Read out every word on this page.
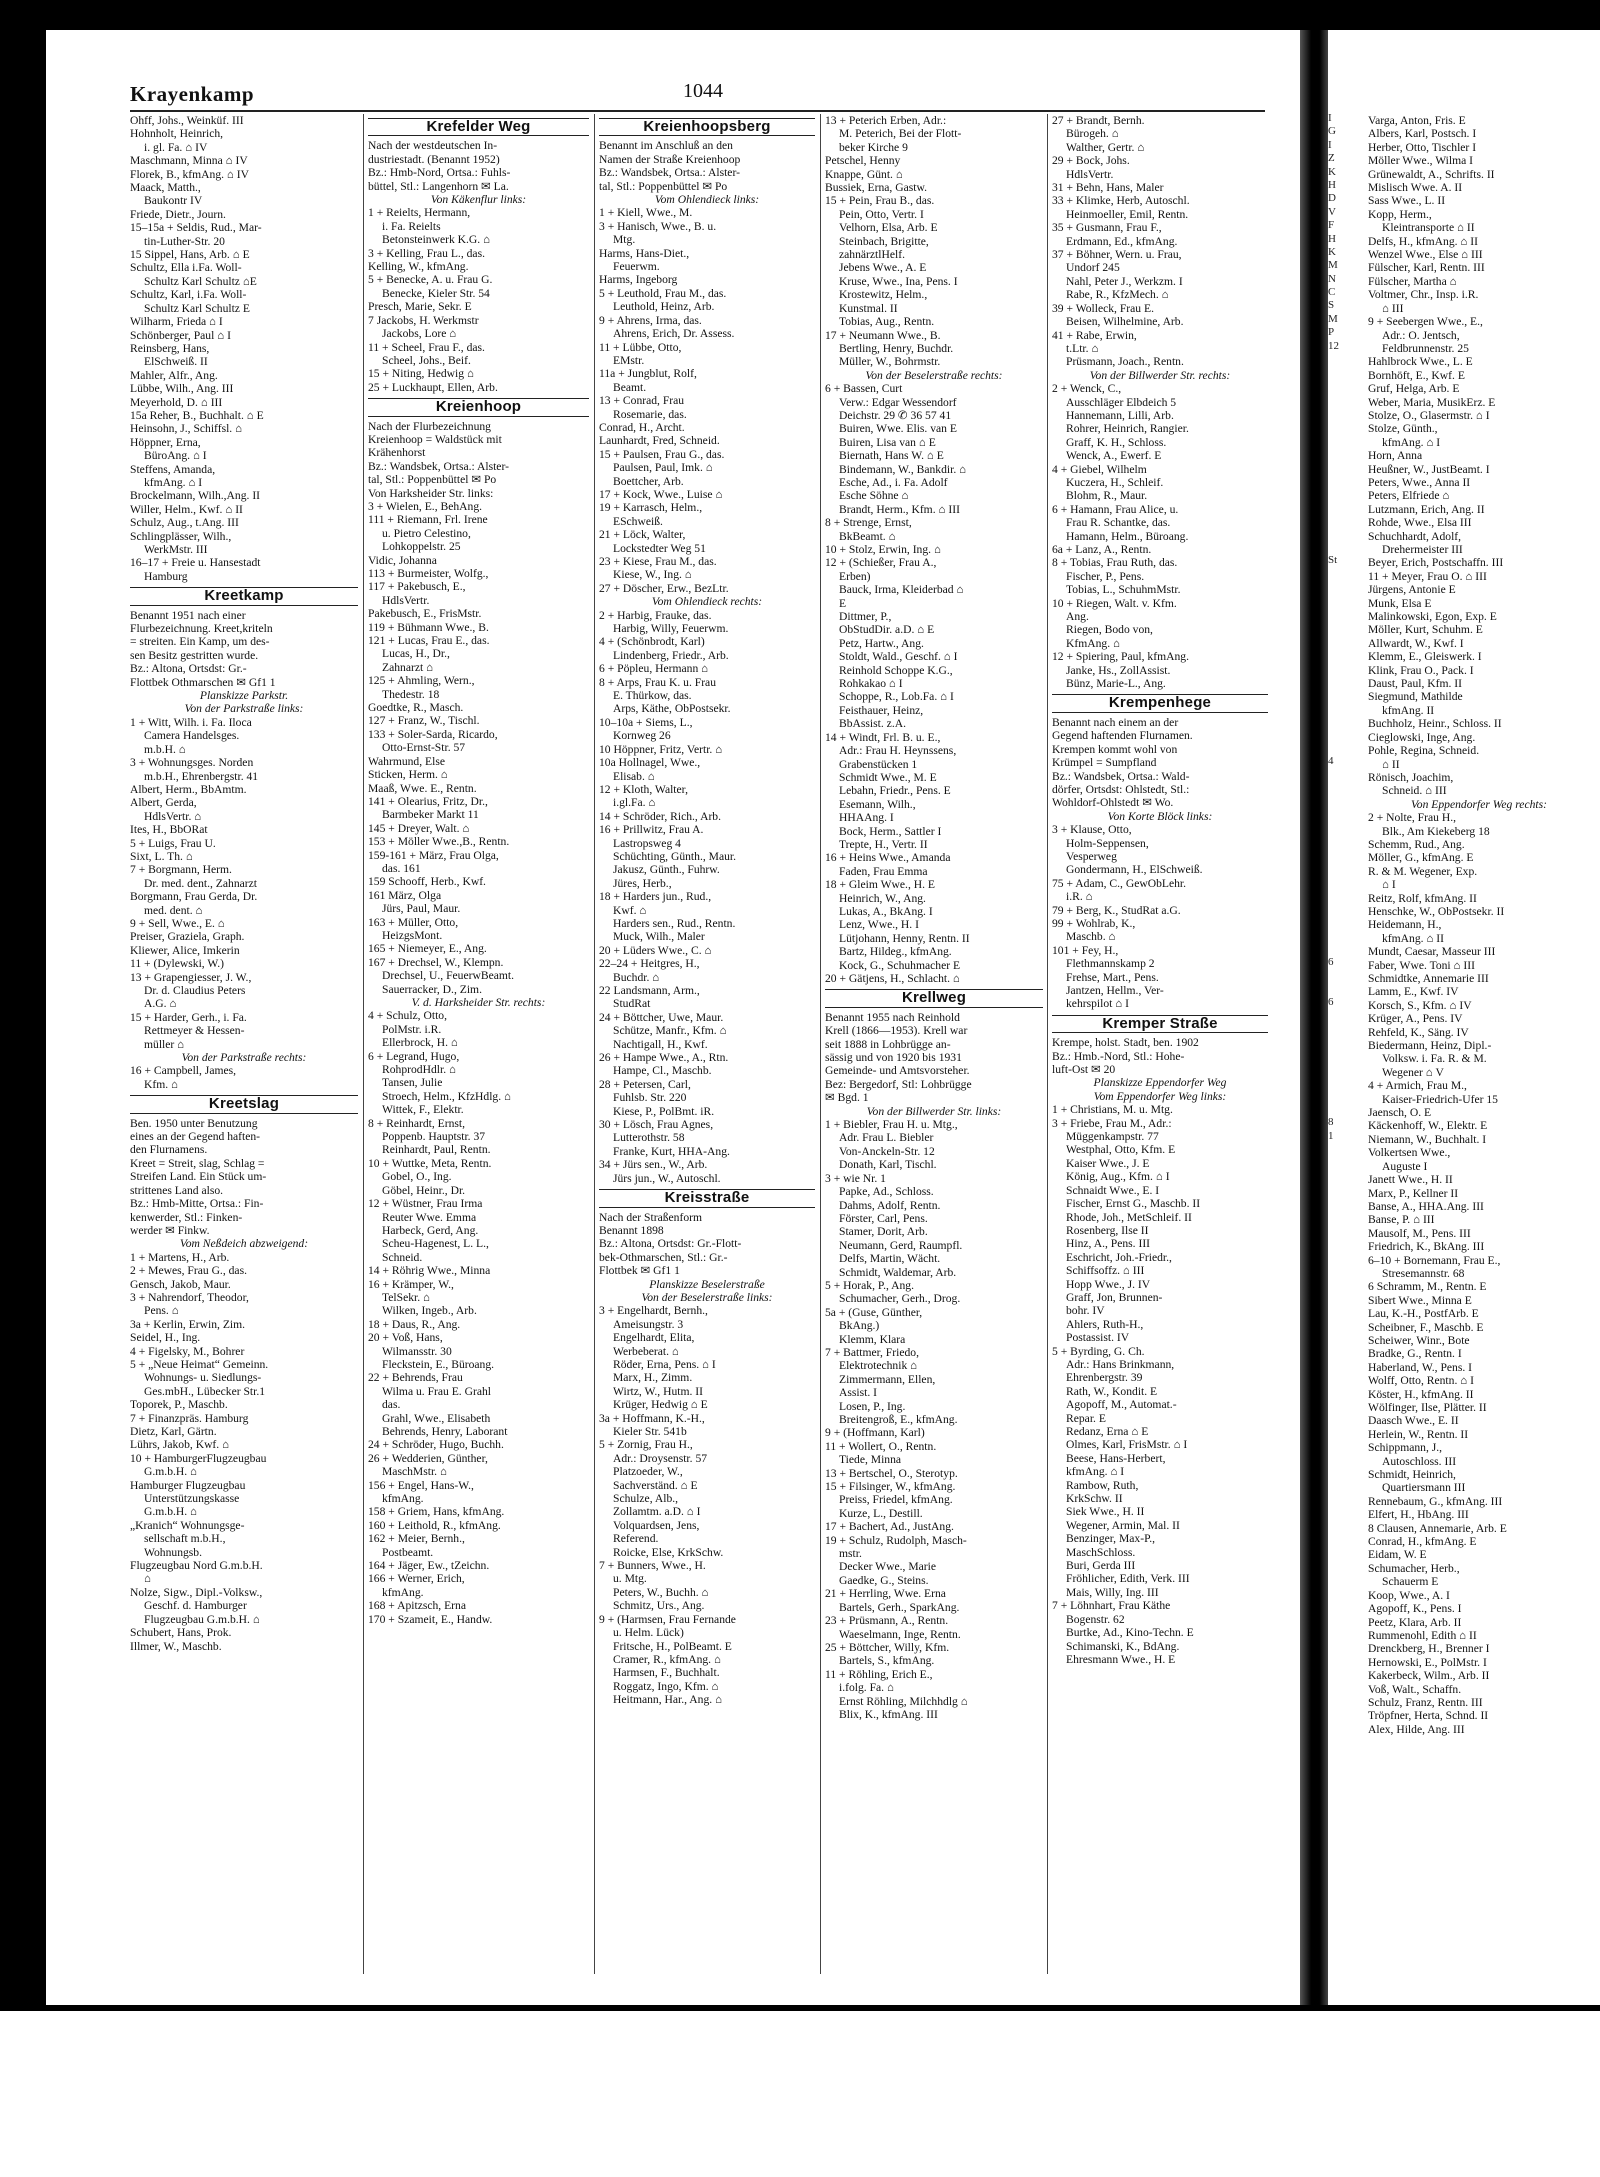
I
G
I
Z
K
H
D
V
F
H
K
M
N
C
S
M
P
12
St
4
6
6
8
1
Krayenkamp	1044
Ohff, Johs., Weinküf. III
Hohnholt, Heinrich,
i. gl. Fa. ⌂ IV
Maschmann, Minna ⌂ IV
Florek, B., kfmAng. ⌂ IV
Maack, Matth.,
Baukontr IV
Friede, Dietr., Journ.
15–15a + Seldis, Rud., Mar-
tin-Luther-Str. 20
15 Sippel, Hans, Arb. ⌂ E
Schultz, Ella i.Fa. Woll-
Schultz Karl Schultz ⌂E
Schultz, Karl, i.Fa. Woll-
Schultz Karl Schultz E
Wilharm, Frieda ⌂ I
Schönberger, Paul ⌂ I
Reinsberg, Hans,
ElSchweiß. II
Mahler, Alfr., Ang.
Lübbe, Wilh., Ang. III
Meyerhold, D. ⌂ III
15a Reher, B., Buchhalt. ⌂ E
Heinsohn, J., Schiffsl. ⌂
Höppner, Erna,
BüroAng. ⌂ I
Steffens, Amanda,
kfmAng. ⌂ I
Brockelmann, Wilh.,Ang. II
Willer, Helm., Kwf. ⌂ II
Schulz, Aug., t.Ang. III
Schlingplässer, Wilh.,
WerkMstr. III
16–17 + Freie u. Hansestadt
Hamburg
Kreetkamp
Benannt 1951 nach einer
Flurbezeichnung. Kreet,kriteln
= streiten. Ein Kamp, um des-
sen Besitz gestritten wurde.
Bz.: Altona, Ortsdst: Gr.-
Flottbek Othmarschen ✉ Gf1 1
Planskizze Parkstr.
Von der Parkstraße links:
1 + Witt, Wilh. i. Fa. Iloca
Camera Handelsges.
m.b.H. ⌂
3 + Wohnungsges. Norden
m.b.H., Ehrenbergstr. 41
Albert, Herm., BbAmtm.
Albert, Gerda,
HdlsVertr. ⌂
Ites, H., BbORat
5 + Luigs, Frau U.
Sixt, L. Th. ⌂
7 + Borgmann, Herm.
Dr. med. dent., Zahnarzt
Borgmann, Frau Gerda, Dr.
med. dent. ⌂
9 + Sell, Wwe., E. ⌂
Preiser, Graziela, Graph.
Kliewer, Alice, Imkerin
11 + (Dylewski, W.)
13 + Grapengiesser, J. W.,
Dr. d. Claudius Peters
A.G. ⌂
15 + Harder, Gerh., i. Fa.
Rettmeyer & Hessen-
müller ⌂
Von der Parkstraße rechts:
16 + Campbell, James,
Kfm. ⌂
Kreetslag
Ben. 1950 unter Benutzung
eines an der Gegend haften-
den Flurnamens.
Kreet = Streit, slag, Schlag =
Streifen Land. Ein Stück um-
strittenes Land also.
Bz.: Hmb-Mitte, Ortsa.: Fin-
kenwerder, Stl.: Finken-
werder ✉ Finkw.
Vom Neßdeich abzweigend:
1 + Martens, H., Arb.
2 + Mewes, Frau G., das.
Gensch, Jakob, Maur.
3 + Nahrendorf, Theodor,
Pens. ⌂
3a + Kerlin, Erwin, Zim.
Seidel, H., Ing.
4 + Figelsky, M., Bohrer
5 + „Neue Heimat“ Gemeinn.
Wohnungs- u. Siedlungs-
Ges.mbH., Lübecker Str.1
Toporek, P., Maschb.
7 + Finanzpräs. Hamburg
Dietz, Karl, Gärtn.
Lührs, Jakob, Kwf. ⌂
10 + HamburgerFlugzeugbau
G.m.b.H. ⌂
Hamburger Flugzeugbau
Unterstützungskasse
G.m.b.H. ⌂
„Kranich“ Wohnungsge-
sellschaft m.b.H.,
Wohnungsb.
Flugzeugbau Nord G.m.b.H.
⌂
Nolze, Sigw., Dipl.-Volksw.,
Geschf. d. Hamburger
Flugzeugbau G.m.b.H. ⌂
Schubert, Hans, Prok.
Illmer, W., Maschb.
Krefelder Weg
Nach der westdeutschen In-
dustriestadt. (Benannt 1952)
Bz.: Hmb-Nord, Ortsa.: Fuhls-
büttel, Stl.: Langenhorn ✉ La.
Von Käkenflur links:
1 + Reielts, Hermann,
i. Fa. Reielts
Betonsteinwerk K.G. ⌂
3 + Kelling, Frau L., das.
Kelling, W., kfmAng.
5 + Benecke, A. u. Frau G.
Benecke, Kieler Str. 54
Presch, Marie, Sekr. E
7 Jackobs, H. Werkmstr
Jackobs, Lore ⌂
11 + Scheel, Frau F., das.
Scheel, Johs., Beif.
15 + Niting, Hedwig ⌂
25 + Luckhaupt, Ellen, Arb.
Kreienhoop
Nach der Flurbezeichnung
Kreienhoop = Waldstück mit
Krähenhorst
Bz.: Wandsbek, Ortsa.: Alster-
tal, Stl.: Poppenbüttel ✉ Po
Von Harksheider Str. links:
3 + Wielen, E., BehAng.
111 + Riemann, Frl. Irene
u. Pietro Celestino,
Lohkoppelstr. 25
Vidic, Johanna
113 + Burmeister, Wolfg.,
117 + Pakebusch, E.,
HdlsVertr.
Pakebusch, E., FrisMstr.
119 + Bühmann Wwe., B.
121 + Lucas, Frau E., das.
Lucas, H., Dr.,
Zahnarzt ⌂
125 + Ahmling, Wern.,
Thedestr. 18
Goedtke, R., Masch.
127 + Franz, W., Tischl.
133 + Soler-Sarda, Ricardo,
Otto-Ernst-Str. 57
Wahrmund, Else
Sticken, Herm. ⌂
Maaß, Wwe. E., Rentn.
141 + Olearius, Fritz, Dr.,
Barmbeker Markt 11
145 + Dreyer, Walt. ⌂
153 + Möller Wwe.,B., Rentn.
159-161 + März, Frau Olga,
das. 161
159 Schooff, Herb., Kwf.
161 März, Olga
Jürs, Paul, Maur.
163 + Müller, Otto,
HeizgsMont.
165 + Niemeyer, E., Ang.
167 + Drechsel, W., Klempn.
Drechsel, U., FeuerwBeamt.
Sauerracker, D., Zim.
V. d. Harksheider Str. rechts:
4 + Schulz, Otto,
PolMstr. i.R.
Ellerbrock, H. ⌂
6 + Legrand, Hugo,
RohprodHdlr. ⌂
Tansen, Julie
Stroech, Helm., KfzHdlg. ⌂
Wittek, F., Elektr.
8 + Reinhardt, Ernst,
Poppenb. Hauptstr. 37
Reinhardt, Paul, Rentn.
10 + Wuttke, Meta, Rentn.
Gobel, O., Ing.
Göbel, Heinr., Dr.
12 + Wüstner, Frau Irma
Reuter Wwe. Emma
Harbeck, Gerd, Ang.
Scheu-Hagenest, L. L.,
Schneid.
14 + Röhrig Wwe., Minna
16 + Krämper, W.,
TelSekr. ⌂
Wilken, Ingeb., Arb.
18 + Daus, R., Ang.
20 + Voß, Hans,
Wilmansstr. 30
Fleckstein, E., Büroang.
22 + Behrends, Frau
Wilma u. Frau E. Grahl
das.
Grahl, Wwe., Elisabeth
Behrends, Henry, Laborant
24 + Schröder, Hugo, Buchh.
26 + Wedderien, Günther,
MaschMstr. ⌂
156 + Engel, Hans-W.,
kfmAng.
158 + Griem, Hans, kfmAng.
160 + Leithold, R., kfmAng.
162 + Meier, Bernh.,
Postbeamt.
164 + Jäger, Ew., tZeichn.
166 + Werner, Erich,
kfmAng.
168 + Apitzsch, Erna
170 + Szameit, E., Handw.
Kreienhoopsberg
Benannt im Anschluß an den
Namen der Straße Kreienhoop
Bz.: Wandsbek, Ortsa.: Alster-
tal, Stl.: Poppenbüttel ✉ Po
Vom Ohlendieck links:
1 + Kiell, Wwe., M.
3 + Hanisch, Wwe., B. u.
Mtg.
Harms, Hans-Diet.,
Feuerwm.
Harms, Ingeborg
5 + Leuthold, Frau M., das.
Leuthold, Heinz, Arb.
9 + Ahrens, Irma, das.
Ahrens, Erich, Dr. Assess.
11 + Lübbe, Otto,
EMstr.
11a + Jungblut, Rolf,
Beamt.
13 + Conrad, Frau
Rosemarie, das.
Conrad, H., Archt.
Launhardt, Fred, Schneid.
15 + Paulsen, Frau G., das.
Paulsen, Paul, Imk. ⌂
Boettcher, Arb.
17 + Kock, Wwe., Luise ⌂
19 + Karrasch, Helm.,
ESchweiß.
21 + Löck, Walter,
Lockstedter Weg 51
23 + Kiese, Frau M., das.
Kiese, W., Ing. ⌂
27 + Döscher, Erw., BezLtr.
Vom Ohlendieck rechts:
2 + Harbig, Frauke, das.
Harbig, Willy, Feuerwm.
4 + (Schönbrodt, Karl)
Lindenberg, Friedr., Arb.
6 + Pöpleu, Hermann ⌂
8 + Arps, Frau K. u. Frau
E. Thürkow, das.
Arps, Käthe, ObPostsekr.
10–10a + Siems, L.,
Kornweg 26
10 Höppner, Fritz, Vertr. ⌂
10a Hollnagel, Wwe.,
Elisab. ⌂
12 + Kloth, Walter,
i.gl.Fa. ⌂
14 + Schröder, Rich., Arb.
16 + Prillwitz, Frau A.
Lastropsweg 4
Schüchting, Günth., Maur.
Jakusz, Günth., Fuhrw.
Jüres, Herb.,
18 + Harders jun., Rud.,
Kwf. ⌂
Harders sen., Rud., Rentn.
Muck, Wilh., Maler
20 + Lüders Wwe., C. ⌂
22–24 + Heitgres, H.,
Buchdr. ⌂
22 Landsmann, Arm.,
StudRat
24 + Böttcher, Uwe, Maur.
Schütze, Manfr., Kfm. ⌂
Nachtigall, H., Kwf.
26 + Hampe Wwe., A., Rtn.
Hampe, Cl., Maschb.
28 + Petersen, Carl,
Fuhlsb. Str. 220
Kiese, P., PolBmt. iR.
30 + Lösch, Frau Agnes,
Lutterothstr. 58
Franke, Kurt, HHA-Ang.
34 + Jürs sen., W., Arb.
Jürs jun., W., Autoschl.
Kreisstraße
Nach der Straßenform
Benannt 1898
Bz.: Altona, Ortsdst: Gr.-Flott-
bek-Othmarschen, Stl.: Gr.-
Flottbek ✉ Gf1 1
Planskizze Beselerstraße
Von der Beselerstraße links:
3 + Engelhardt, Bernh.,
Ameisungstr. 3
Engelhardt, Elita,
Werbeberat. ⌂
Röder, Erna, Pens. ⌂ I
Marx, H., Zimm.
Wirtz, W., Hutm. II
Krüger, Hedwig ⌂ E
3a + Hoffmann, K.-H.,
Kieler Str. 541b
5 + Zornig, Frau H.,
Adr.: Droysenstr. 57
Platzoeder, W.,
Sachverständ. ⌂ E
Schulze, Alb.,
Zollamtm. a.D. ⌂ I
Volquardsen, Jens,
Referend.
Roicke, Else, KrkSchw.
7 + Bunners, Wwe., H.
u. Mtg.
Peters, W., Buchh. ⌂
Schmitz, Urs., Ang.
9 + (Harmsen, Frau Fernande
u. Helm. Lück)
Fritsche, H., PolBeamt. E
Cramer, R., kfmAng. ⌂
Harmsen, F., Buchhalt.
Roggatz, Ingo, Kfm. ⌂
Heitmann, Har., Ang. ⌂
13 + Peterich Erben, Adr.:
M. Peterich, Bei der Flott-
beker Kirche 9
Petschel, Henny
Knappe, Günt. ⌂
Bussiek, Erna, Gastw.
15 + Pein, Frau B., das.
Pein, Otto, Vertr. I
Velhorn, Elsa, Arb. E
Steinbach, Brigitte,
zahnärztlHelf.
Jebens Wwe., A. E
Kruse, Wwe., Ina, Pens. I
Krostewitz, Helm.,
Kunstmal. II
Tobias, Aug., Rentn.
17 + Neumann Wwe., B.
Bertling, Henry, Buchdr.
Müller, W., Bohrmstr.
Von der Beselerstraße rechts:
6 + Bassen, Curt
Verw.: Edgar Wessendorf
Deichstr. 29 ✆ 36 57 41
Buiren, Wwe. Elis. van E
Buiren, Lisa van ⌂ E
Biernath, Hans W. ⌂ E
Bindemann, W., Bankdir. ⌂
Esche, Ad., i. Fa. Adolf
Esche Söhne ⌂
Brandt, Herm., Kfm. ⌂ III
8 + Strenge, Ernst,
BkBeamt. ⌂
10 + Stolz, Erwin, Ing. ⌂
12 + (Schießer, Frau A.,
Erben)
Bauck, Irma, Kleiderbad ⌂
E
Dittmer, P.,
ObStudDir. a.D. ⌂ E
Petz, Hartw., Ang.
Stoldt, Wald., Geschf. ⌂ I
Reinhold Schoppe K.G.,
Rohkakao ⌂ I
Schoppe, R., Lob.Fa. ⌂ I
Feisthauer, Heinz,
BbAssist. z.A.
14 + Windt, Frl. B. u. E.,
Adr.: Frau H. Heynssens,
Grabenstücken 1
Schmidt Wwe., M. E
Lebahn, Friedr., Pens. E
Esemann, Wilh.,
HHAAng. I
Bock, Herm., Sattler I
Trepte, H., Vertr. II
16 + Heins Wwe., Amanda
Faden, Frau Emma
18 + Gleim Wwe., H. E
Heinrich, W., Ang.
Lukas, A., BkAng. I
Lenz, Wwe., H. I
Lütjohann, Henny, Rentn. II
Bartz, Hildeg., kfmAng.
Kock, G., Schuhmacher E
20 + Gätjens, H., Schlacht. ⌂
Krellweg
Benannt 1955 nach Reinhold
Krell (1866—1953). Krell war
seit 1888 in Lohbrügge an-
sässig und von 1920 bis 1931
Gemeinde- und Amtsvorsteher.
Bez: Bergedorf, Stl: Lohbrügge
✉ Bgd. 1
Von der Billwerder Str. links:
1 + Biebler, Frau H. u. Mtg.,
Adr. Frau L. Biebler
Von-Anckeln-Str. 12
Donath, Karl, Tischl.
3 + wie Nr. 1
Papke, Ad., Schloss.
Dahms, Adolf, Rentn.
Förster, Carl, Pens.
Stamer, Dorit, Arb.
Neumann, Gerd, Raumpfl.
Delfs, Martin, Wächt.
Schmidt, Waldemar, Arb.
5 + Horak, P., Ang.
Schumacher, Gerh., Drog.
5a + (Guse, Günther,
BkAng.)
Klemm, Klara
7 + Battmer, Friedo,
Elektrotechnik ⌂
Zimmermann, Ellen,
Assist. I
Losen, P., Ing.
Breitengroß, E., kfmAng.
9 + (Hoffmann, Karl)
11 + Wollert, O., Rentn.
Tiede, Minna
13 + Bertschel, O., Sterotyp.
15 + Filsinger, W., kfmAng.
Preiss, Friedel, kfmAng.
Kurze, L., Destill.
17 + Bachert, Ad., JustAng.
19 + Schulz, Rudolph, Masch-
mstr.
Decker Wwe., Marie
Gaedke, G., Steins.
21 + Herrling, Wwe. Erna
Bartels, Gerh., SparkAng.
23 + Prüsmann, A., Rentn.
Waeselmann, Inge, Rentn.
25 + Böttcher, Willy, Kfm.
Bartels, S., kfmAng.
11 + Röhling, Erich E.,
i.folg. Fa. ⌂
Ernst Röhling, Milchhdlg ⌂
Blix, K., kfmAng. III
27 + Brandt, Bernh.
Bürogeh. ⌂
Walther, Gertr. ⌂
29 + Bock, Johs.
HdlsVertr.
31 + Behn, Hans, Maler
33 + Klimke, Herb, Autoschl.
Heinmoeller, Emil, Rentn.
35 + Gusmann, Frau F.,
Erdmann, Ed., kfmAng.
37 + Böhner, Wern. u. Frau,
Undorf 245
Nahl, Peter J., Werkzm. I
Rabe, R., KfzMech. ⌂
39 + Wolleck, Frau E.
Beisen, Wilhelmine, Arb.
41 + Rabe, Erwin,
t.Ltr. ⌂
Prüsmann, Joach., Rentn.
Von der Billwerder Str. rechts:
2 + Wenck, C.,
Ausschläger Elbdeich 5
Hannemann, Lilli, Arb.
Rohrer, Heinrich, Rangier.
Graff, K. H., Schloss.
Wenck, A., Ewerf. E
4 + Giebel, Wilhelm
Kuczera, H., Schleif.
Blohm, R., Maur.
6 + Hamann, Frau Alice, u.
Frau R. Schantke, das.
Hamann, Helm., Büroang.
6a + Lanz, A., Rentn.
8 + Tobias, Frau Ruth, das.
Fischer, P., Pens.
Tobias, L., SchuhmMstr.
10 + Riegen, Walt. v. Kfm.
Ang.
Riegen, Bodo von,
KfmAng. ⌂
12 + Spiering, Paul, kfmAng.
Janke, Hs., ZollAssist.
Bünz, Marie-L., Ang.
Krempenhege
Benannt nach einem an der
Gegend haftenden Flurnamen.
Krempen kommt wohl von
Krümpel = Sumpfland
Bz.: Wandsbek, Ortsa.: Wald-
dörfer, Ortsdst: Ohlstedt, Stl.:
Wohldorf-Ohlstedt ✉ Wo.
Von Korte Blöck links:
3 + Klause, Otto,
Holm-Seppensen,
Vesperweg
Gondermann, H., ElSchweiß.
75 + Adam, C., GewObLehr.
i.R. ⌂
79 + Berg, K., StudRat a.G.
99 + Wohlrab, K.,
Maschb. ⌂
101 + Fey, H.,
Flethmannskamp 2
Frehse, Mart., Pens.
Jantzen, Hellm., Ver-
kehrspilot ⌂ I
Kremper Straße
Krempe, holst. Stadt, ben. 1902
Bz.: Hmb.-Nord, Stl.: Hohe-
luft-Ost ✉ 20
Planskizze Eppendorfer Weg
Vom Eppendorfer Weg links:
1 + Christians, M. u. Mtg.
3 + Friebe, Frau M., Adr.:
Müggenkampstr. 77
Westphal, Otto, Kfm. E
Kaiser Wwe., J. E
König, Aug., Kfm. ⌂ I
Schnaidt Wwe., E. I
Fischer, Ernst G., Maschb. II
Rhode, Joh., MetSchleif. II
Rosenberg, Ilse II
Hinz, A., Pens. III
Eschricht, Joh.-Friedr.,
Schiffsoffz. ⌂ III
Hopp Wwe., J. IV
Graff, Jon, Brunnen-
bohr. IV
Ahlers, Ruth-H.,
Postassist. IV
5 + Byrding, G. Ch.
Adr.: Hans Brinkmann,
Ehrenbergstr. 39
Rath, W., Kondit. E
Agopoff, M., Automat.-
Repar. E
Redanz, Erna ⌂ E
Olmes, Karl, FrisMstr. ⌂ I
Beese, Hans-Herbert,
kfmAng. ⌂ I
Rambow, Ruth,
KrkSchw. II
Siek Wwe., H. II
Wegener, Armin, Mal. II
Benzinger, Max-P.,
MaschSchloss.
Buri, Gerda III
Fröhlicher, Edith, Verk. III
Mais, Willy, Ing. III
7 + Löhnhart, Frau Käthe
Bogenstr. 62
Burtke, Ad., Kino-Techn. E
Schimanski, K., BdAng.
Ehresmann Wwe., H. E
Varga, Anton, Fris. E
Albers, Karl, Postsch. I
Herber, Otto, Tischler I
Möller Wwe., Wilma I
Grünewaldt, A., Schrifts. II
Mislisch Wwe. A. II
Sass Wwe., L. II
Kopp, Herm.,
Kleintransporte ⌂ II
Delfs, H., kfmAng. ⌂ II
Wenzel Wwe., Else ⌂ III
Fülscher, Karl, Rentn. III
Fülscher, Martha ⌂
Voltmer, Chr., Insp. i.R.
⌂ III
9 + Seebergen Wwe., E.,
Adr.: O. Jentsch,
Feldbrunnenstr. 25
Hahlbrock Wwe., L. E
Bornhöft, E., Kwf. E
Gruf, Helga, Arb. E
Weber, Maria, MusikErz. E
Stolze, O., Glasermstr. ⌂ I
Stolze, Günth.,
kfmAng. ⌂ I
Horn, Anna
Heußner, W., JustBeamt. I
Peters, Wwe., Anna II
Peters, Elfriede ⌂
Lutzmann, Erich, Ang. II
Rohde, Wwe., Elsa III
Schuchhardt, Adolf,
Drehermeister III
Beyer, Erich, Postschaffn. III
11 + Meyer, Frau O. ⌂ III
Jürgens, Antonie E
Munk, Elsa E
Malinkowski, Egon, Exp. E
Möller, Kurt, Schuhm. E
Allwardt, W., Kwf. I
Klemm, E., Gleiswerk. I
Klink, Frau O., Pack. I
Daust, Paul, Kfm. II
Siegmund, Mathilde
kfmAng. II
Buchholz, Heinr., Schloss. II
Cieglowski, Inge, Ang.
Pohle, Regina, Schneid.
⌂ II
Rönisch, Joachim,
Schneid. ⌂ III
Von Eppendorfer Weg rechts:
2 + Nolte, Frau H.,
Blk., Am Kiekeberg 18
Schemm, Rud., Ang.
Möller, G., kfmAng. E
R. & M. Wegener, Exp.
⌂ I
Reitz, Rolf, kfmAng. II
Henschke, W., ObPostsekr. II
Heidemann, H.,
kfmAng. ⌂ II
Mundt, Caesar, Masseur III
Faber, Wwe. Toni ⌂ III
Schmidtke, Annemarie III
Lamm, E., Kwf. IV
Korsch, S., Kfm. ⌂ IV
Krüger, A., Pens. IV
Rehfeld, K., Säng. IV
Biedermann, Heinz, Dipl.-
Volksw. i. Fa. R. & M.
Wegener ⌂ V
4 + Armich, Frau M.,
Kaiser-Friedrich-Ufer 15
Jaensch, O. E
Käckenhoff, W., Elektr. E
Niemann, W., Buchhalt. I
Volkertsen Wwe.,
Auguste I
Janett Wwe., H. II
Marx, P., Kellner II
Banse, A., HHA.Ang. III
Banse, P. ⌂ III
Mausolf, M., Pens. III
Friedrich, K., BkAng. III
6–10 + Bornemann, Frau E.,
Stresemannstr. 68
6 Schramm, M., Rentn. E
Sibert Wwe., Minna E
Lau, K.-H., PostfArb. E
Scheibner, F., Maschb. E
Scheiwer, Winr., Bote
Bradke, G., Rentn. I
Haberland, W., Pens. I
Wolff, Otto, Rentn. ⌂ I
Köster, H., kfmAng. II
Wölfinger, Ilse, Plätter. II
Daasch Wwe., E. II
Herlein, W., Rentn. II
Schippmann, J.,
Autoschloss. III
Schmidt, Heinrich,
Quartiersmann III
Rennebaum, G., kfmAng. III
Elfert, H., HbAng. III
8 Clausen, Annemarie, Arb. E
Conrad, H., kfmAng. E
Eidam, W. E
Schumacher, Herb.,
Schauerm E
Koop, Wwe., A. I
Agopoff, K., Pens. I
Peetz, Klara, Arb. II
Rummenohl, Edith ⌂ II
Drenckberg, H., Brenner I
Hernowski, E., PolMstr. I
Kakerbeck, Wilm., Arb. II
Voß, Walt., Schaffn.
Schulz, Franz, Rentn. III
Tröpfner, Herta, Schnd. II
Alex, Hilde, Ang. III
